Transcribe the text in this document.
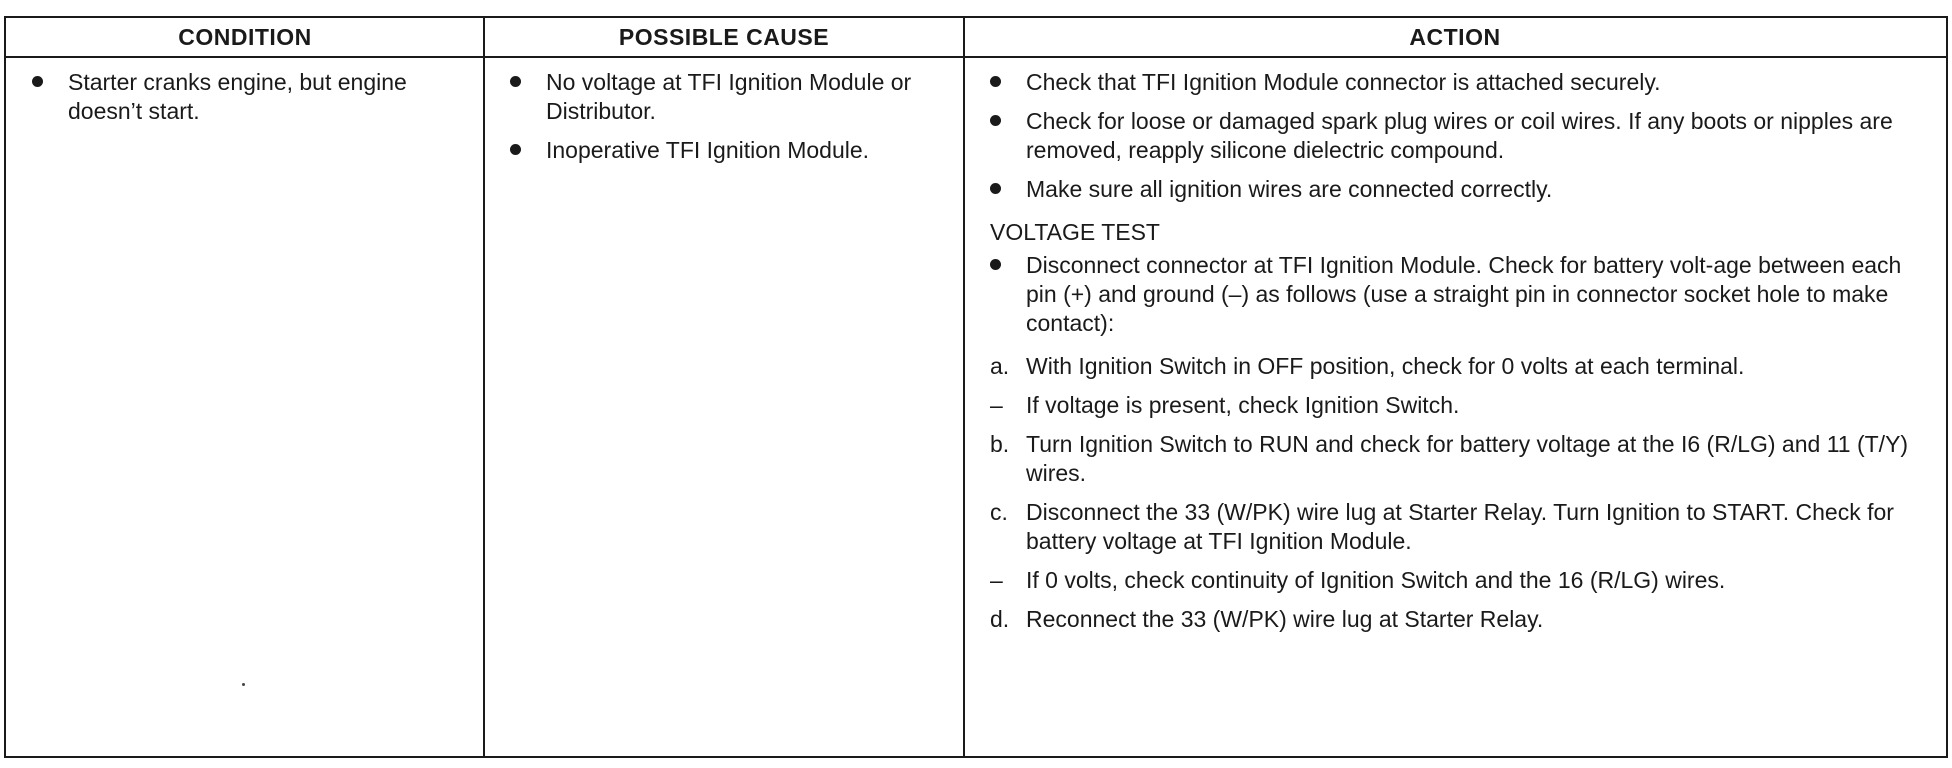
CONDITION	POSSIBLE CAUSE	ACTION
Starter cranks engine, but engine doesn’t start.
No voltage at TFI Ignition Module or Distributor.
Inoperative TFI Ignition Module.
Check that TFI Ignition Module connector is attached securely.
Check for loose or damaged spark plug wires or coil wires. If any boots or nipples are removed, reapply silicone dielectric compound.
Make sure all ignition wires are connected correctly.
VOLTAGE TEST
Disconnect connector at TFI Ignition Module. Check for battery volt-age between each pin (+) and ground (–) as follows (use a straight pin in connector socket hole to make contact):
a. With Ignition Switch in OFF position, check for 0 volts at each terminal.
– If voltage is present, check Ignition Switch.
b. Turn Ignition Switch to RUN and check for battery voltage at the I6 (R/LG) and 11 (T/Y) wires.
c. Disconnect the 33 (W/PK) wire lug at Starter Relay. Turn Ignition to START. Check for battery voltage at TFI Ignition Module.
– If 0 volts, check continuity of Ignition Switch and the 16 (R/LG) wires.
d. Reconnect the 33 (W/PK) wire lug at Starter Relay.
